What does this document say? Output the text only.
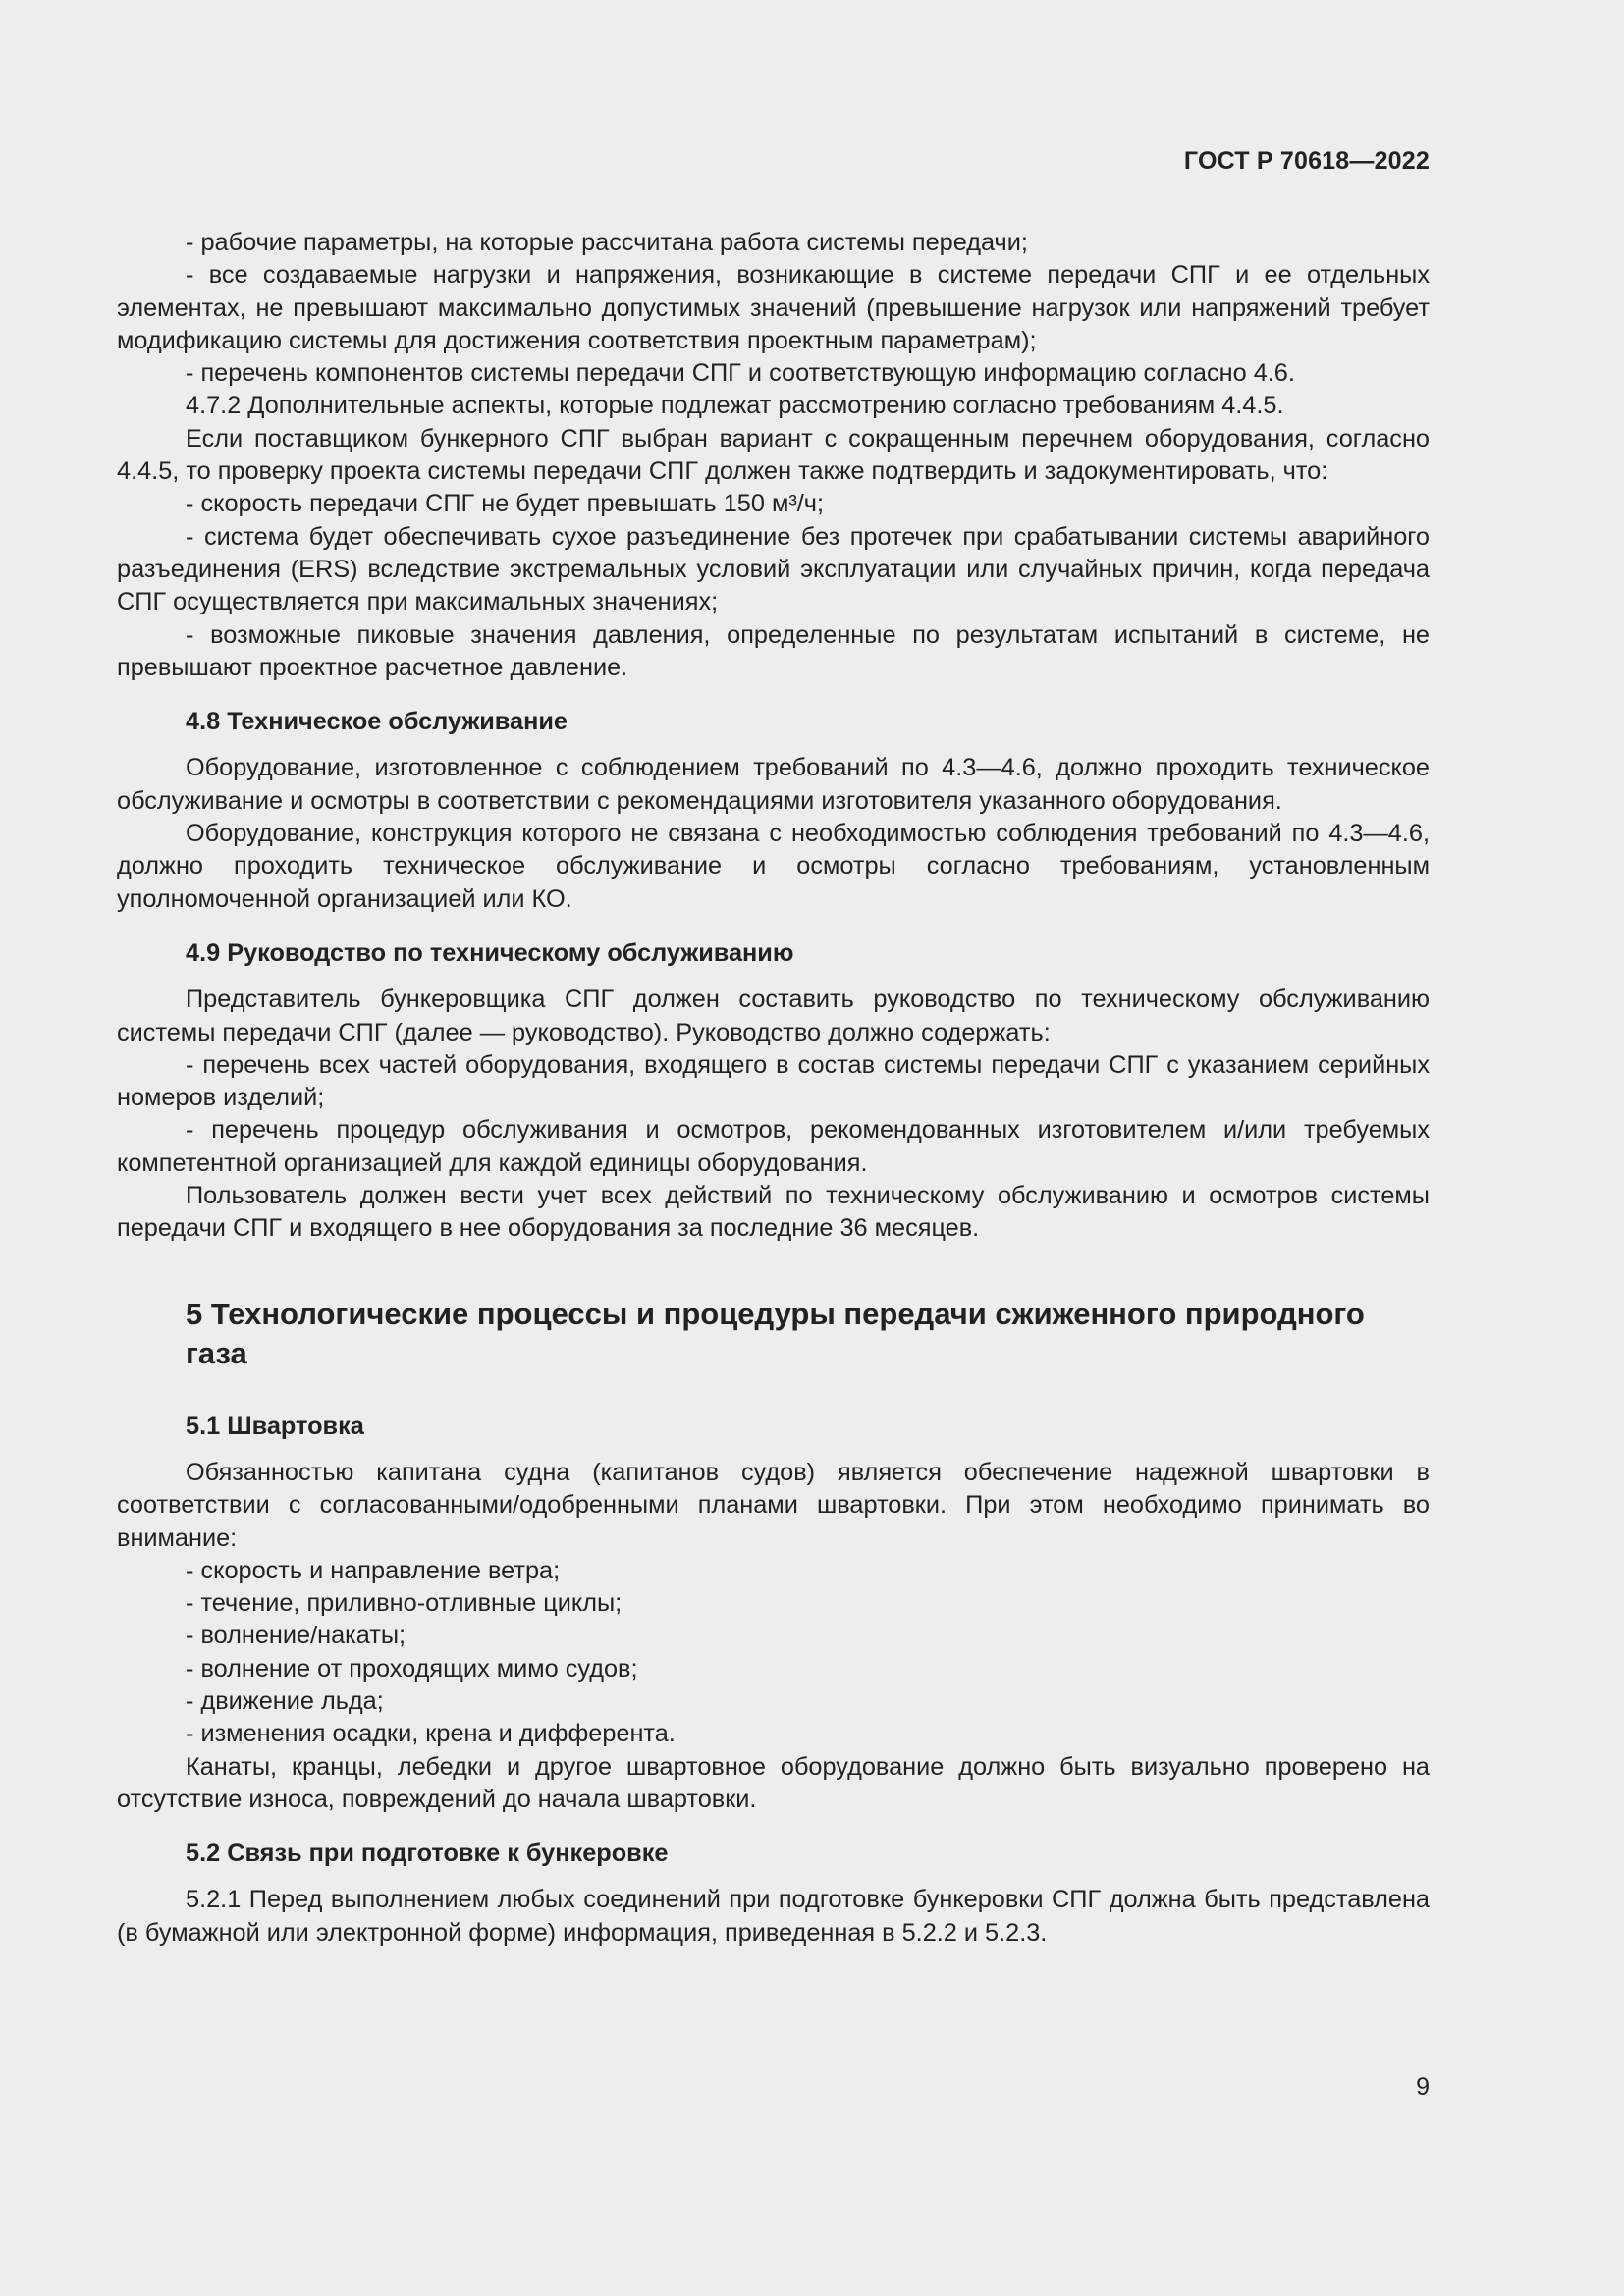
ГОСТ Р 70618—2022

- рабочие параметры, на которые рассчитана работа системы передачи;

- все создаваемые нагрузки и напряжения, возникающие в системе передачи СПГ и ее отдельных элементах, не превышают максимально допустимых значений (превышение нагрузок или напряжений требует модификацию системы для достижения соответствия проектным параметрам);

- перечень компонентов системы передачи СПГ и соответствующую информацию согласно 4.6.

4.7.2 Дополнительные аспекты, которые подлежат рассмотрению согласно требованиям 4.4.5.

Если поставщиком бункерного СПГ выбран вариант с сокращенным перечнем оборудования, согласно 4.4.5, то проверку проекта системы передачи СПГ должен также подтвердить и задокументировать, что:

- скорость передачи СПГ не будет превышать 150 м³/ч;

- система будет обеспечивать сухое разъединение без протечек при срабатывании системы аварийного разъединения (ERS) вследствие экстремальных условий эксплуатации или случайных причин, когда передача СПГ осуществляется при максимальных значениях;

- возможные пиковые значения давления, определенные по результатам испытаний в системе, не превышают проектное расчетное давление.

4.8 Техническое обслуживание

Оборудование, изготовленное с соблюдением требований по 4.3—4.6, должно проходить техническое обслуживание и осмотры в соответствии с рекомендациями изготовителя указанного оборудования.

Оборудование, конструкция которого не связана с необходимостью соблюдения требований по 4.3—4.6, должно проходить техническое обслуживание и осмотры согласно требованиям, установленным уполномоченной организацией или КО.

4.9 Руководство по техническому обслуживанию

Представитель бункеровщика СПГ должен составить руководство по техническому обслуживанию системы передачи СПГ (далее — руководство). Руководство должно содержать:

- перечень всех частей оборудования, входящего в состав системы передачи СПГ с указанием серийных номеров изделий;

- перечень процедур обслуживания и осмотров, рекомендованных изготовителем и/или требуемых компетентной организацией для каждой единицы оборудования.

Пользователь должен вести учет всех действий по техническому обслуживанию и осмотров системы передачи СПГ и входящего в нее оборудования за последние 36 месяцев.

5 Технологические процессы и процедуры передачи сжиженного природного газа
5.1 Швартовка

Обязанностью капитана судна (капитанов судов) является обеспечение надежной швартовки в соответствии с согласованными/одобренными планами швартовки. При этом необходимо принимать во внимание:

- скорость и направление ветра;

- течение, приливно-отливные циклы;

- волнение/накаты;

- волнение от проходящих мимо судов;

- движение льда;

- изменения осадки, крена и дифферента.

Канаты, кранцы, лебедки и другое швартовное оборудование должно быть визуально проверено на отсутствие износа, повреждений до начала швартовки.

5.2 Связь при подготовке к бункеровке

5.2.1 Перед выполнением любых соединений при подготовке бункеровки СПГ должна быть представлена (в бумажной или электронной форме) информация, приведенная в 5.2.2 и 5.2.3.

9
